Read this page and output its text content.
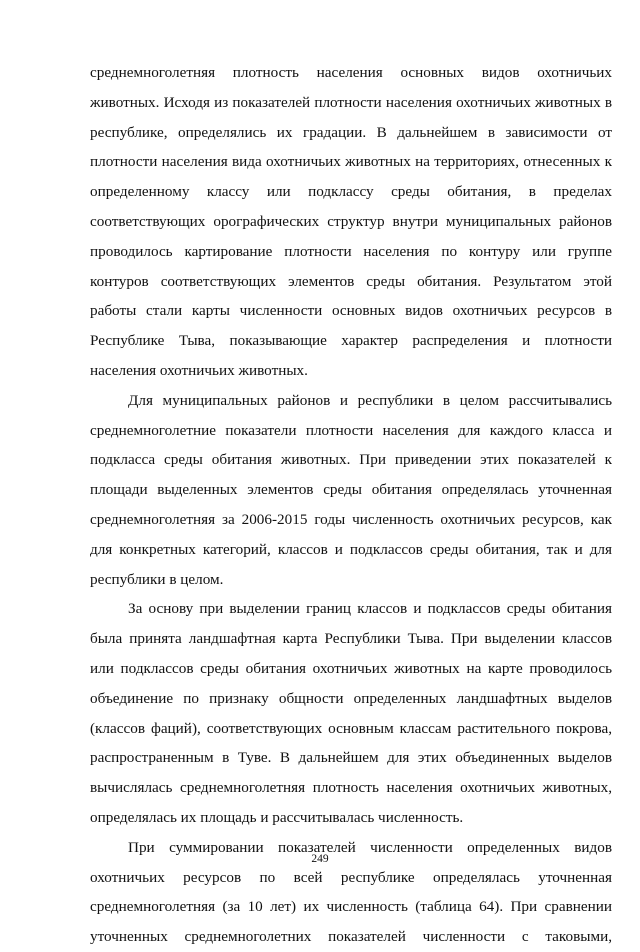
среднемноголетняя плотность населения основных видов охотничьих
животных. Исходя из показателей плотности населения охотничьих животных в
республике, определялись их градации. В дальнейшем в зависимости от
плотности населения вида охотничьих животных на территориях, отнесенных к
определенному классу или подклассу среды обитания, в пределах
соответствующих орографических структур внутри муниципальных районов
проводилось картирование плотности населения по контуру или группе
контуров соответствующих элементов среды обитания. Результатом этой
работы стали карты численности основных видов охотничьих ресурсов в
Республике Тыва, показывающие характер распределения и плотности
населения охотничьих животных.
Для муниципальных районов и республики в целом рассчитывались
среднемноголетние показатели плотности населения для каждого класса и
подкласса среды обитания животных. При приведении этих показателей к
площади выделенных элементов среды обитания определялась уточненная
среднемноголетняя за 2006-2015 годы численность охотничьих ресурсов, как
для конкретных категорий, классов и подклассов среды обитания, так и для
республики в целом.
За основу при выделении границ классов и подклассов среды обитания
была принята ландшафтная карта Республики Тыва. При выделении классов
или подклассов среды обитания охотничьих животных на карте проводилось
объединение по признаку общности определенных ландшафтных выделов
(классов фаций), соответствующих основным классам растительного покрова,
распространенным в Туве. В дальнейшем для этих объединенных выделов
вычислялась среднемноголетняя плотность населения охотничьих животных,
определялась их площадь и рассчитывалась численность.
При суммировании показателей численности определенных видов
охотничьих ресурсов по всей республике определялась уточненная
среднемноголетняя (за 10 лет) их численность (таблица 64). При сравнении
уточненных среднемноголетних показателей численности с таковыми,
249
